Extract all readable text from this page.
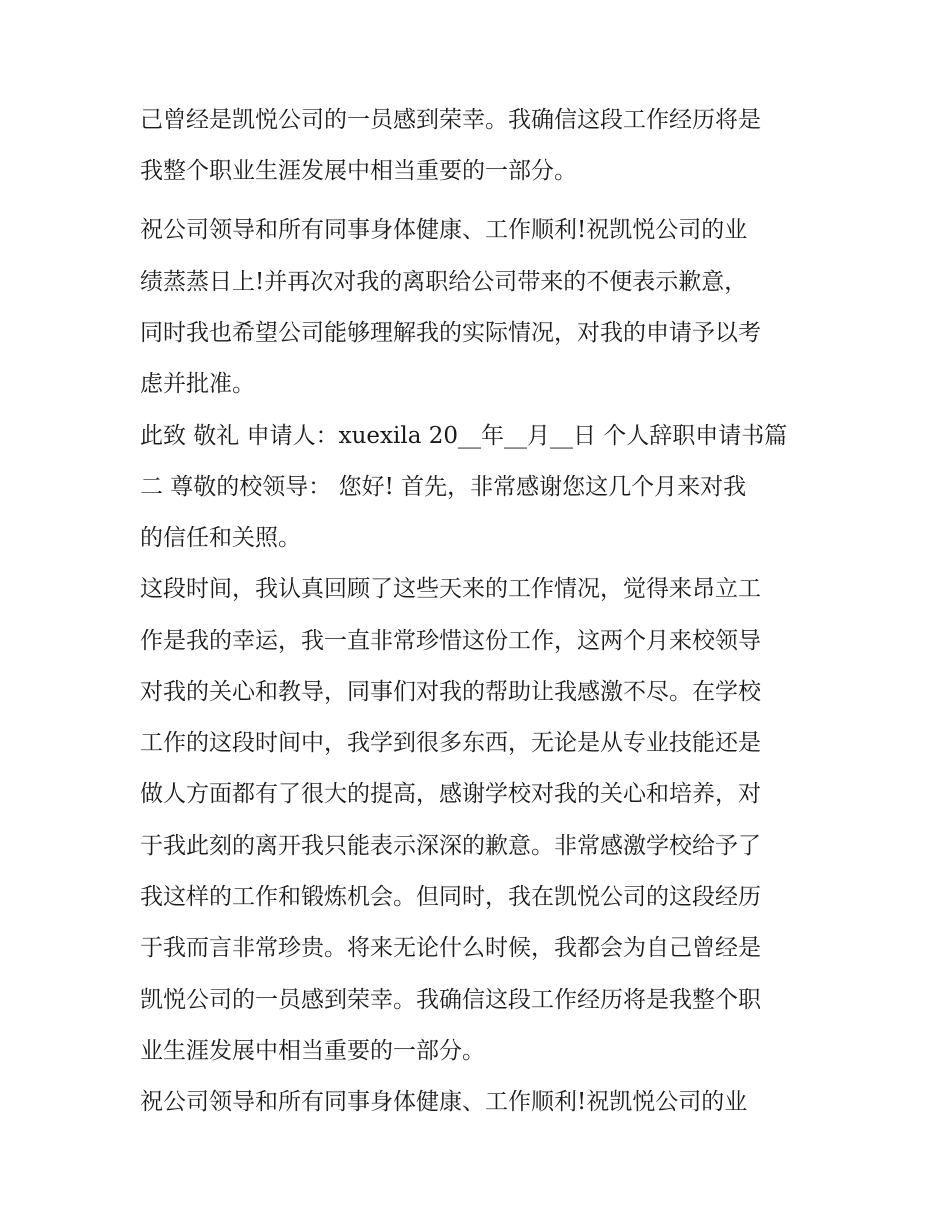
己曾经是凯悦公司的一员感到荣幸。我确信这段工作经历将是
我整个职业生涯发展中相当重要的一部分。
祝公司领导和所有同事身体健康、工作顺利!祝凯悦公司的业
绩蒸蒸日上!并再次对我的离职给公司带来的不便表示歉意，
同时我也希望公司能够理解我的实际情况，对我的申请予以考
虑并批准。
此致 敬礼 申请人：xuexila 20__年__月__日 个人辞职申请书篇
二 尊敬的校领导： 您好! 首先，非常感谢您这几个月来对我
的信任和关照。
这段时间，我认真回顾了这些天来的工作情况，觉得来昂立工
作是我的幸运，我一直非常珍惜这份工作，这两个月来校领导
对我的关心和教导，同事们对我的帮助让我感激不尽。在学校
工作的这段时间中，我学到很多东西，无论是从专业技能还是
做人方面都有了很大的提高，感谢学校对我的关心和培养，对
于我此刻的离开我只能表示深深的歉意。非常感激学校给予了
我这样的工作和锻炼机会。但同时，我在凯悦公司的这段经历
于我而言非常珍贵。将来无论什么时候，我都会为自己曾经是
凯悦公司的一员感到荣幸。我确信这段工作经历将是我整个职
业生涯发展中相当重要的一部分。
祝公司领导和所有同事身体健康、工作顺利!祝凯悦公司的业
